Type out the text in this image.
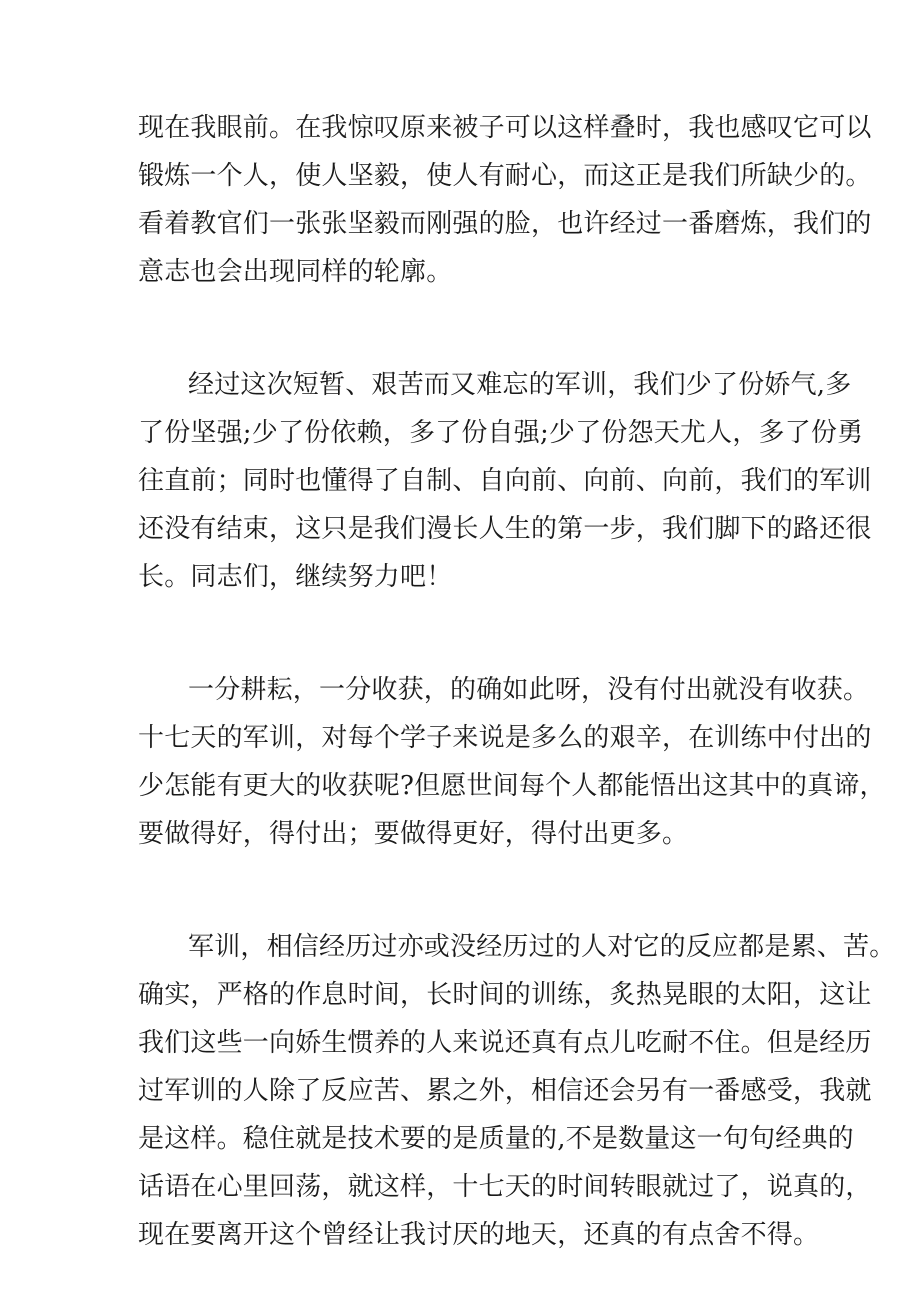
现在我眼前。在我惊叹原来被子可以这样叠时，我也感叹它可以
锻炼一个人，使人坚毅，使人有耐心，而这正是我们所缺少的。
看着教官们一张张坚毅而刚强的脸，也许经过一番磨炼，我们的
意志也会出现同样的轮廓。
经过这次短暂、艰苦而又难忘的军训，我们少了份娇气,多
了份坚强;少了份依赖，多了份自强;少了份怨天尤人，多了份勇
往直前；同时也懂得了自制、自向前、向前、向前，我们的军训
还没有结束，这只是我们漫长人生的第一步，我们脚下的路还很
长。同志们，继续努力吧！
一分耕耘，一分收获，的确如此呀，没有付出就没有收获。
十七天的军训，对每个学子来说是多么的艰辛，在训练中付出的
少怎能有更大的收获呢?但愿世间每个人都能悟出这其中的真谛，
要做得好，得付出；要做得更好，得付出更多。
军训，相信经历过亦或没经历过的人对它的反应都是累、苦。
确实，严格的作息时间，长时间的训练，炙热晃眼的太阳，这让
我们这些一向娇生惯养的人来说还真有点儿吃耐不住。但是经历
过军训的人除了反应苦、累之外，相信还会另有一番感受，我就
是这样。稳住就是技术要的是质量的,不是数量这一句句经典的
话语在心里回荡，就这样，十七天的时间转眼就过了，说真的，
现在要离开这个曾经让我讨厌的地天，还真的有点舍不得。
